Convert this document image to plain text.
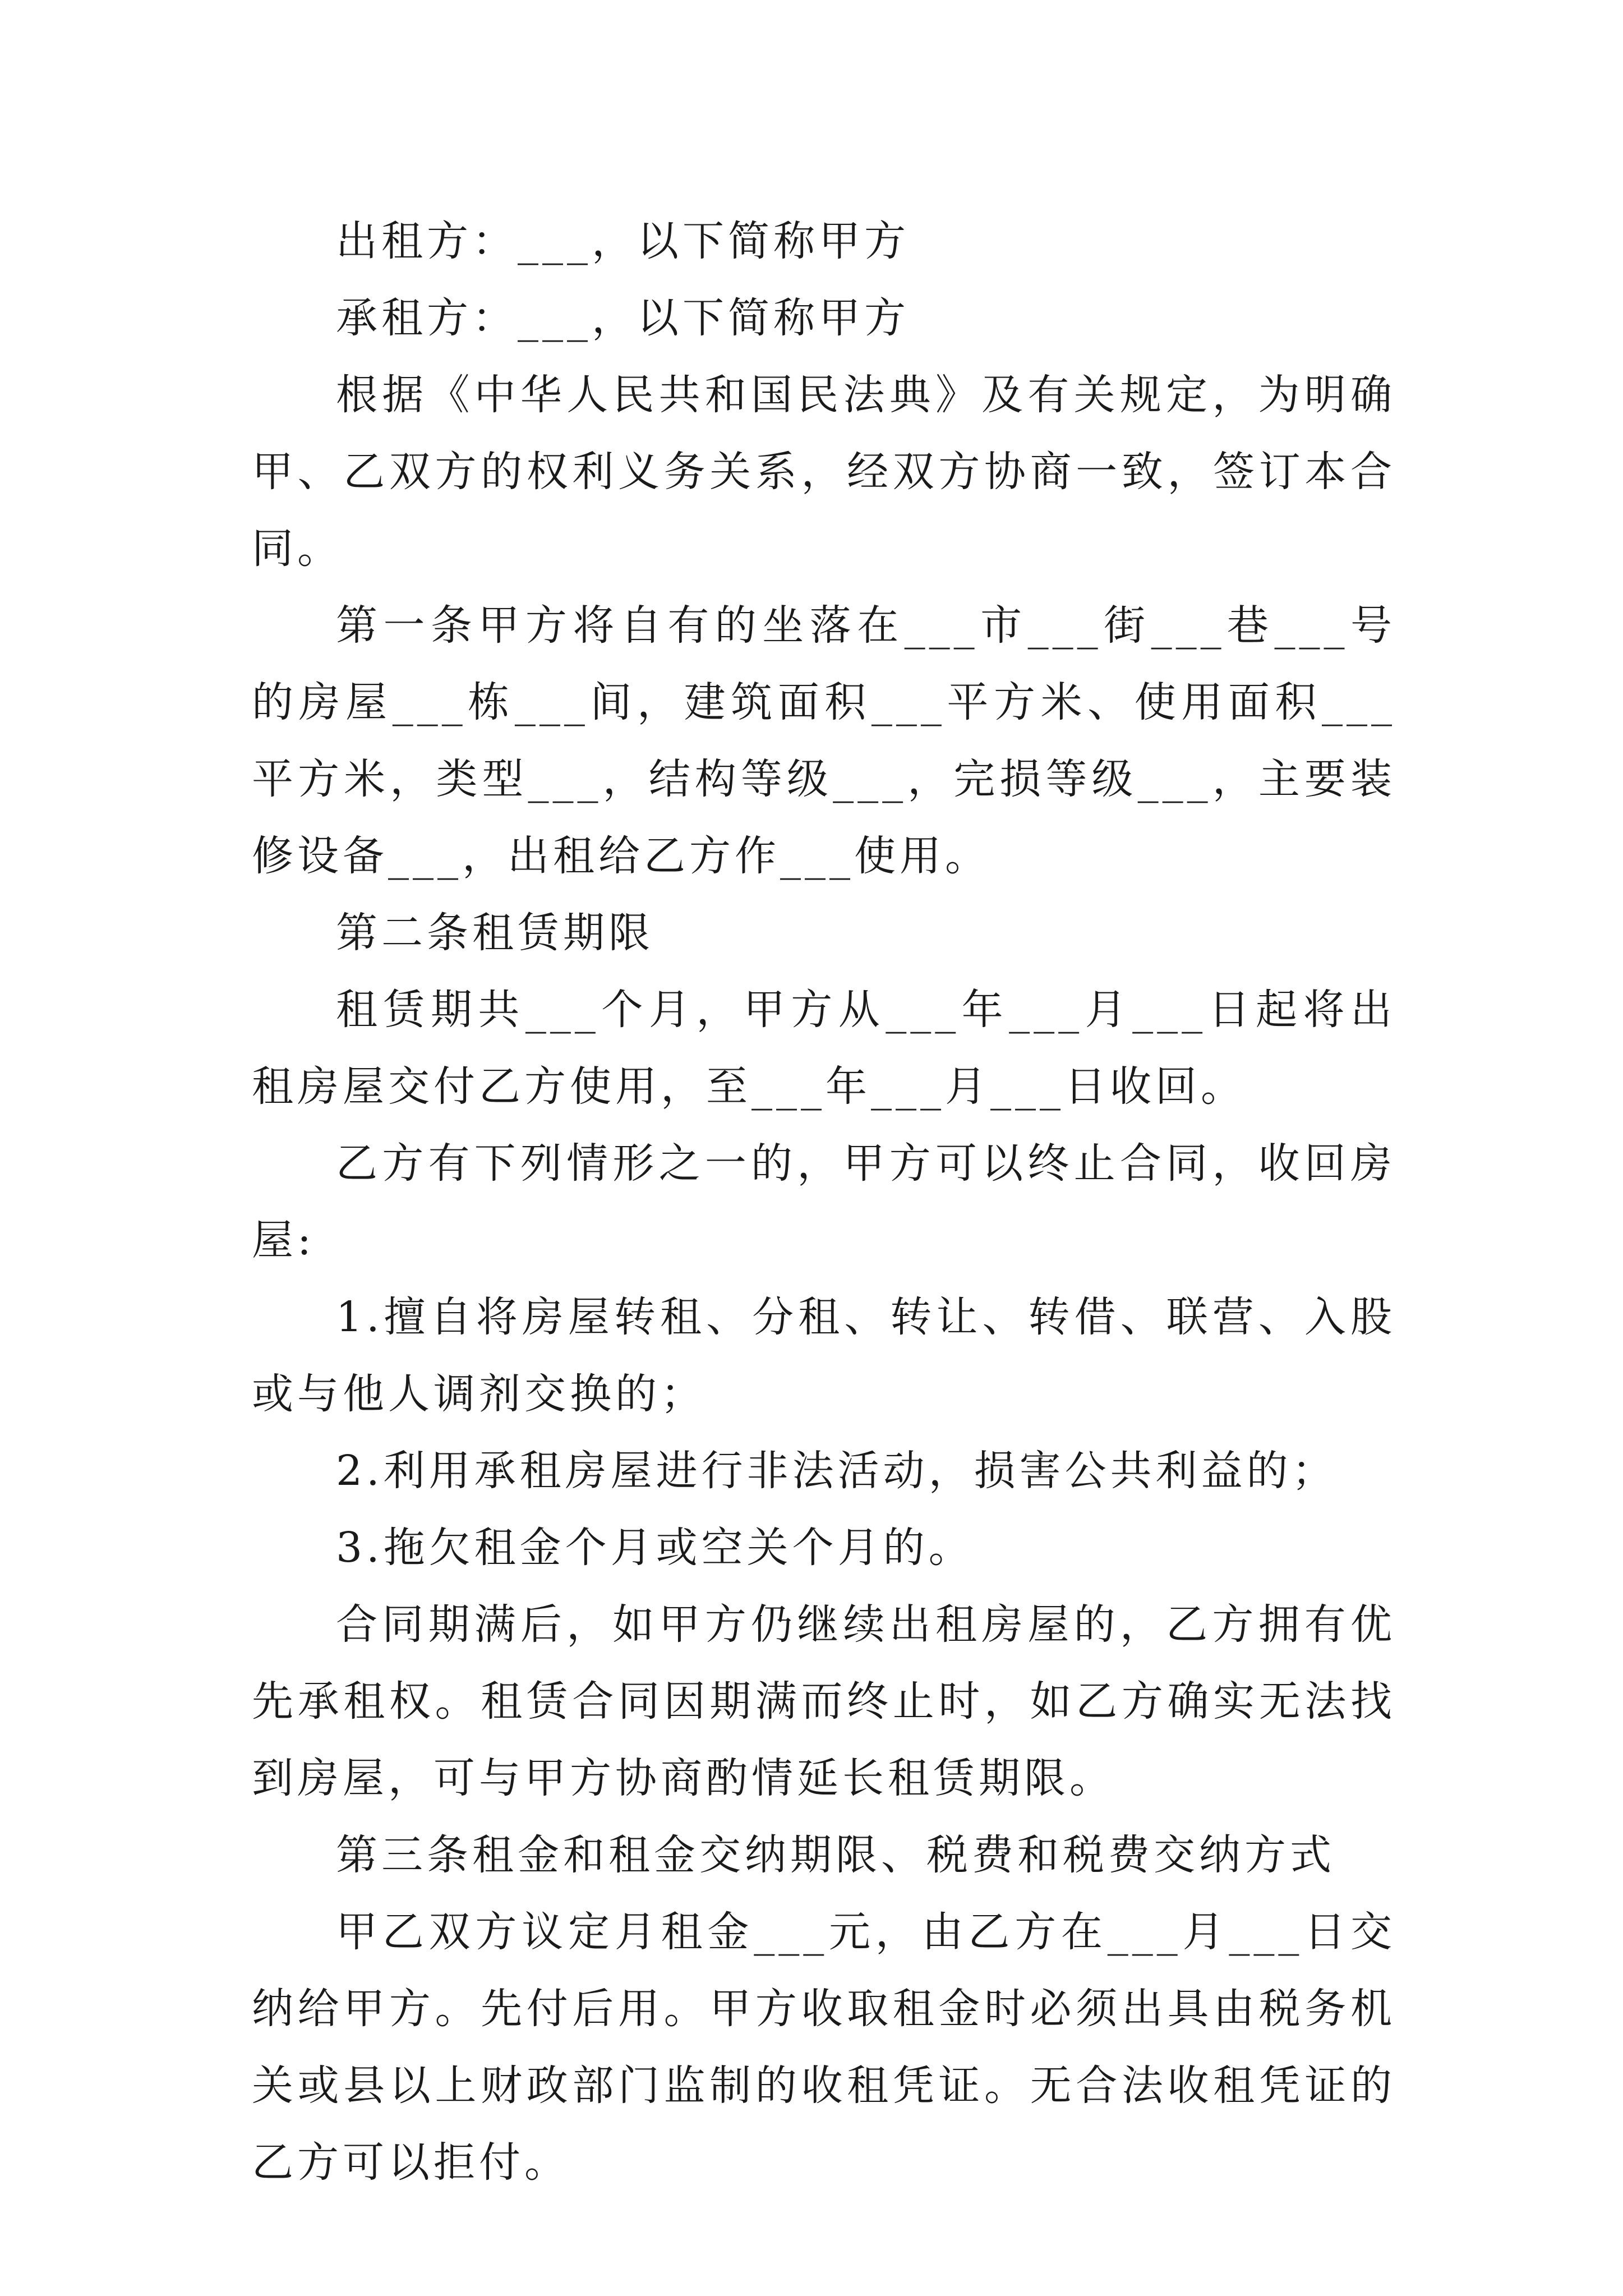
出租方：___，以下简称甲方

承租方：___，以下简称甲方

根据《中华人民共和国民法典》及有关规定，为明确甲、乙双方的权利义务关系，经双方协商一致，签订本合同。

第一条甲方将自有的坐落在___市___街___巷___号的房屋___栋___间，建筑面积___平方米、使用面积___平方米，类型___，结构等级___，完损等级___，主要装修设备___，出租给乙方作___使用。

第二条租赁期限

租赁期共___个月，甲方从___年___月___日起将出租房屋交付乙方使用，至___年___月___日收回。

乙方有下列情形之一的，甲方可以终止合同，收回房屋:

1.擅自将房屋转租、分租、转让、转借、联营、入股或与他人调剂交换的；

2.利用承租房屋进行非法活动，损害公共利益的；

3.拖欠租金个月或空关个月的。

合同期满后，如甲方仍继续出租房屋的，乙方拥有优先承租权。租赁合同因期满而终止时，如乙方确实无法找到房屋，可与甲方协商酌情延长租赁期限。

第三条租金和租金交纳期限、税费和税费交纳方式

甲乙双方议定月租金___元，由乙方在___月___日交纳给甲方。先付后用。甲方收取租金时必须出具由税务机关或县以上财政部门监制的收租凭证。无合法收租凭证的乙方可以拒付。
